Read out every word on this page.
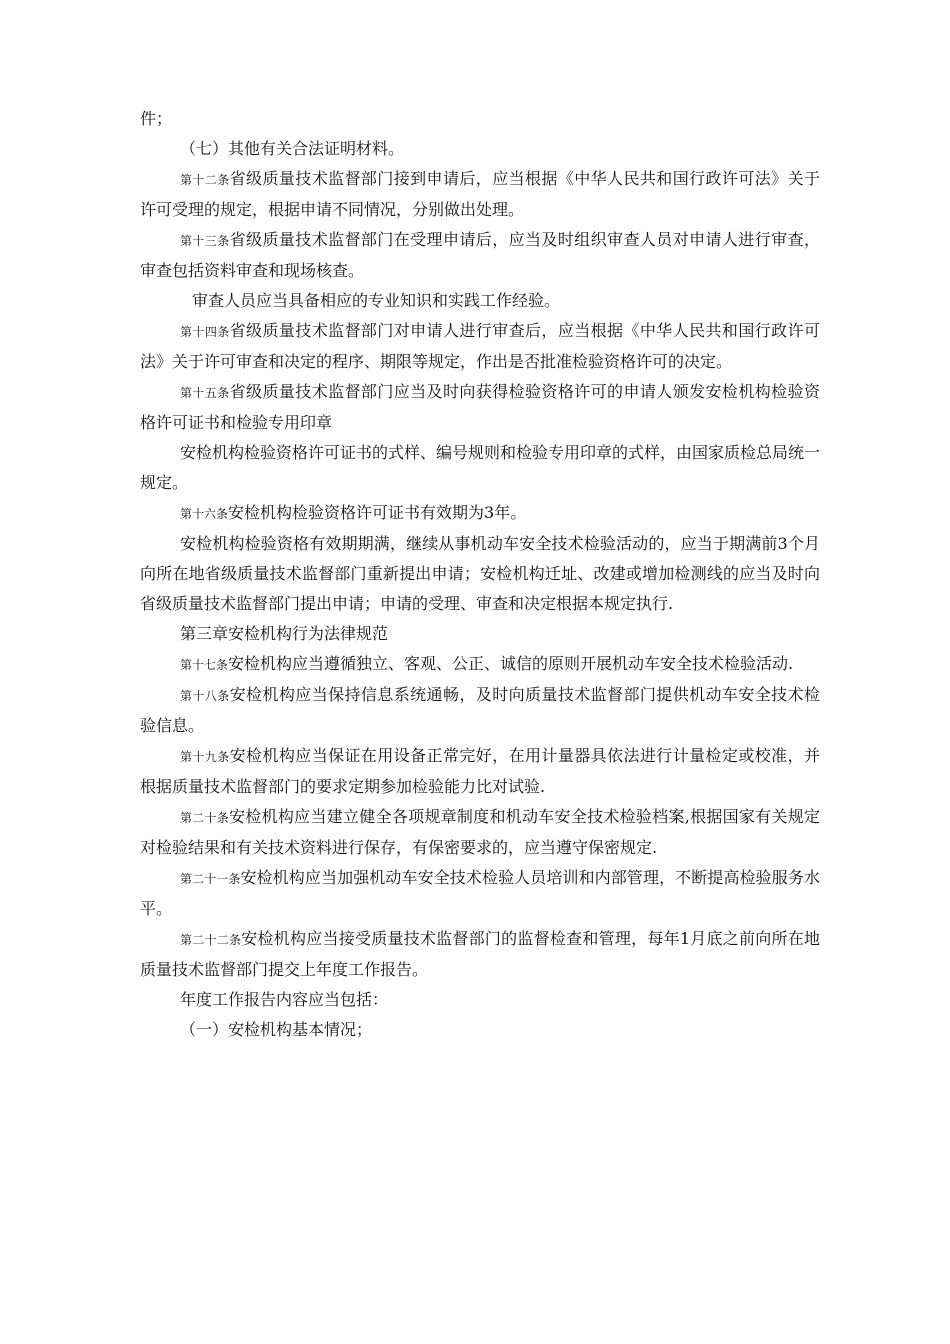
件；

（七）其他有关合法证明材料。

第十二条省级质量技术监督部门接到申请后，应当根据《中华人民共和国行政许可法》关于许可受理的规定，根据申请不同情况，分别做出处理。

第十三条省级质量技术监督部门在受理申请后，应当及时组织审查人员对申请人进行审查，审查包括资料审查和现场核查。

审查人员应当具备相应的专业知识和实践工作经验。

第十四条省级质量技术监督部门对申请人进行审查后，应当根据《中华人民共和国行政许可法》关于许可审查和决定的程序、期限等规定，作出是否批准检验资格许可的决定。

第十五条省级质量技术监督部门应当及时向获得检验资格许可的申请人颁发安检机构检验资格许可证书和检验专用印章

安检机构检验资格许可证书的式样、编号规则和检验专用印章的式样，由国家质检总局统一规定。

第十六条安检机构检验资格许可证书有效期为3年。

安检机构检验资格有效期期满，继续从事机动车安全技术检验活动的，应当于期满前3个月向所在地省级质量技术监督部门重新提出申请；安检机构迁址、改建或增加检测线的应当及时向省级质量技术监督部门提出申请；申请的受理、审查和决定根据本规定执行.

第三章安检机构行为法律规范

第十七条安检机构应当遵循独立、客观、公正、诚信的原则开展机动车安全技术检验活动.

第十八条安检机构应当保持信息系统通畅，及时向质量技术监督部门提供机动车安全技术检验信息。

第十九条安检机构应当保证在用设备正常完好，在用计量器具依法进行计量检定或校准，并根据质量技术监督部门的要求定期参加检验能力比对试验.

第二十条安检机构应当建立健全各项规章制度和机动车安全技术检验档案,根据国家有关规定对检验结果和有关技术资料进行保存，有保密要求的，应当遵守保密规定.

第二十一条安检机构应当加强机动车安全技术检验人员培训和内部管理，不断提高检验服务水平。

第二十二条安检机构应当接受质量技术监督部门的监督检查和管理，每年1月底之前向所在地质量技术监督部门提交上年度工作报告。

年度工作报告内容应当包括：

（一）安检机构基本情况；
